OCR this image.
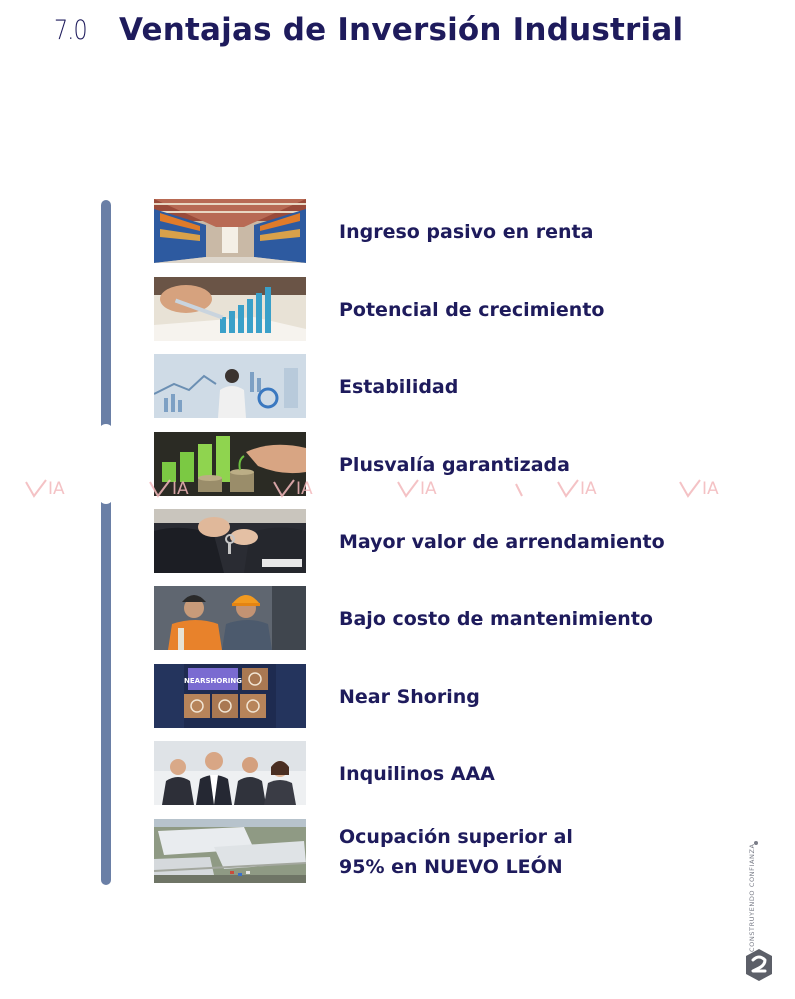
7.0 Ventajas de Inversión Industrial
Ingreso pasivo en renta
Potencial de crecimiento
Estabilidad
Plusvalía garantizada
Mayor valor de arrendamiento
Bajo costo de mantenimiento
NEARSHORING
Near Shoring
Inquilinos AAA
Ocupación superior al
95% en NUEVO LEÓN
IA	IA	IA	IA	IA	IA
CONSTRUYENDO CONFIANZA
